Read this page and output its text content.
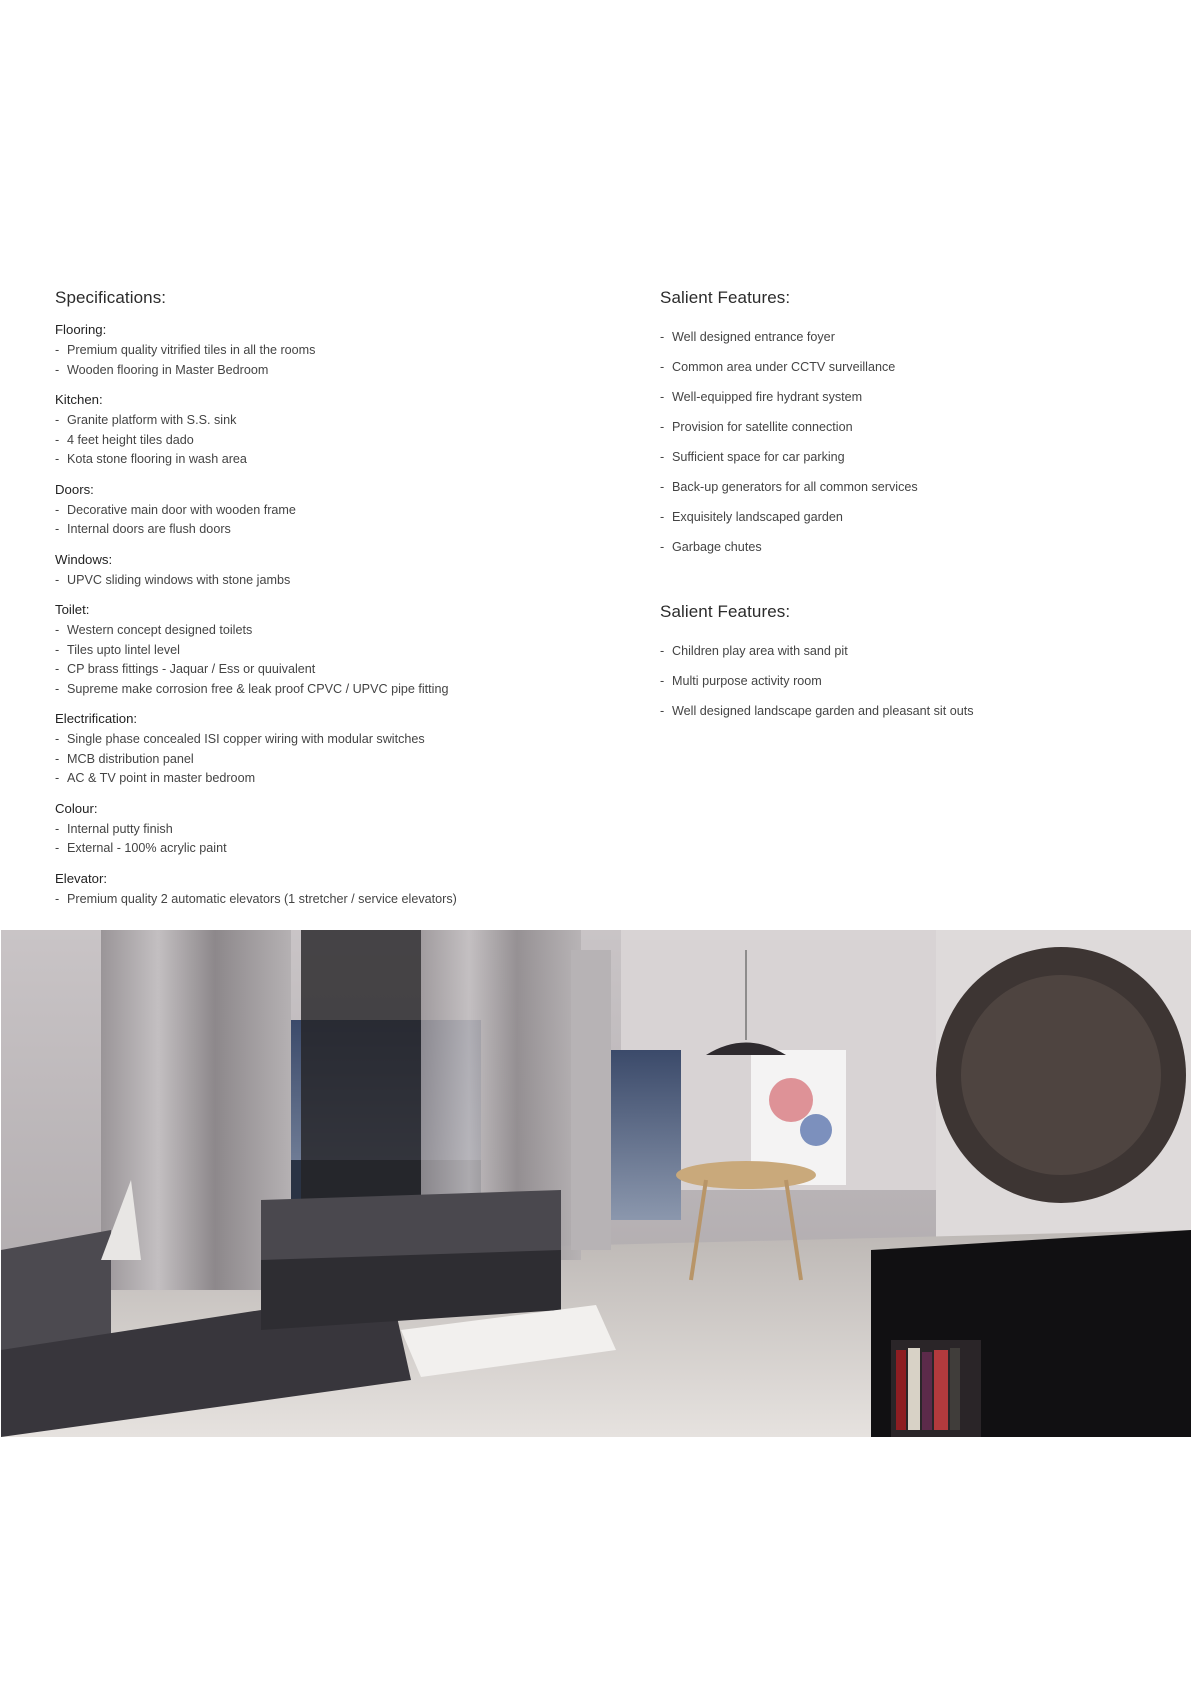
Specifications:
Flooring:
- Premium quality vitrified tiles in all the rooms
- Wooden flooring in Master Bedroom
Kitchen:
- Granite platform with S.S. sink
- 4 feet height tiles dado
- Kota stone flooring in wash area
Doors:
- Decorative main door with wooden frame
- Internal doors are flush doors
Windows:
- UPVC sliding windows with stone jambs
Toilet:
- Western concept designed toilets
- Tiles upto lintel level
- CP brass fittings - Jaquar / Ess or quuivalent
- Supreme make corrosion free & leak proof CPVC / UPVC pipe fitting
Electrification:
- Single phase concealed ISI copper wiring with modular switches
- MCB distribution panel
- AC & TV point in master bedroom
Colour:
- Internal putty finish
- External - 100% acrylic paint
Elevator:
- Premium quality 2 automatic elevators (1 stretcher / service elevators)
Salient Features:
- Well designed entrance foyer
- Common area under CCTV surveillance
- Well-equipped fire hydrant system
- Provision for satellite connection
- Sufficient space for car parking
- Back-up generators for all common services
- Exquisitely landscaped garden
- Garbage chutes
Salient Features:
- Children play area with sand pit
- Multi purpose activity room
- Well designed landscape garden and pleasant sit outs
